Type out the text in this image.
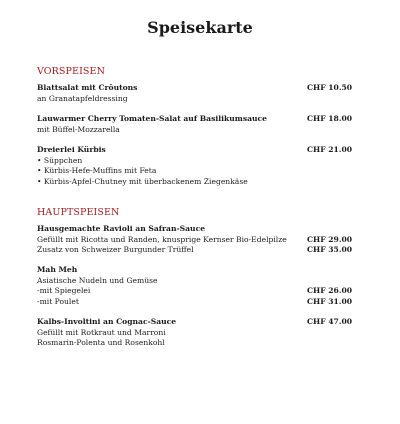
Speisekarte
VORSPEISEN
Blattsalat mit Crôutons	CHF 10.50
an Granatapfeldressing
Lauwarmer Cherry Tomaten-Salat auf Basilikumsauce	CHF 18.00
mit Büffel-Mozzarella
Dreierlei Kürbis	CHF 21.00
• Süppchen
• Kürbis-Hefe-Muffins mit Feta
• Kürbis-Apfel-Chutney mit überbackenem Ziegenkäse
HAUPTSPEISEN
Hausgemachte Ravioli an Safran-Sauce
Gefüllt mit Ricotta und Randen, knusprige Kernser Bio-Edelpilze	CHF 29.00
Zusatz von Schweizer Burgunder Trüffel	CHF 35.00
Mah Meh
Asiatische Nudeln und Gemüse
-mit Spiegelei	CHF 26.00
-mit Poulet	CHF 31.00
Kalbs-Involtini an Cognac-Sauce	CHF 47.00
Gefüllt mit Rotkraut und Marroni
Rosmarin-Polenta und Rosenkohl
